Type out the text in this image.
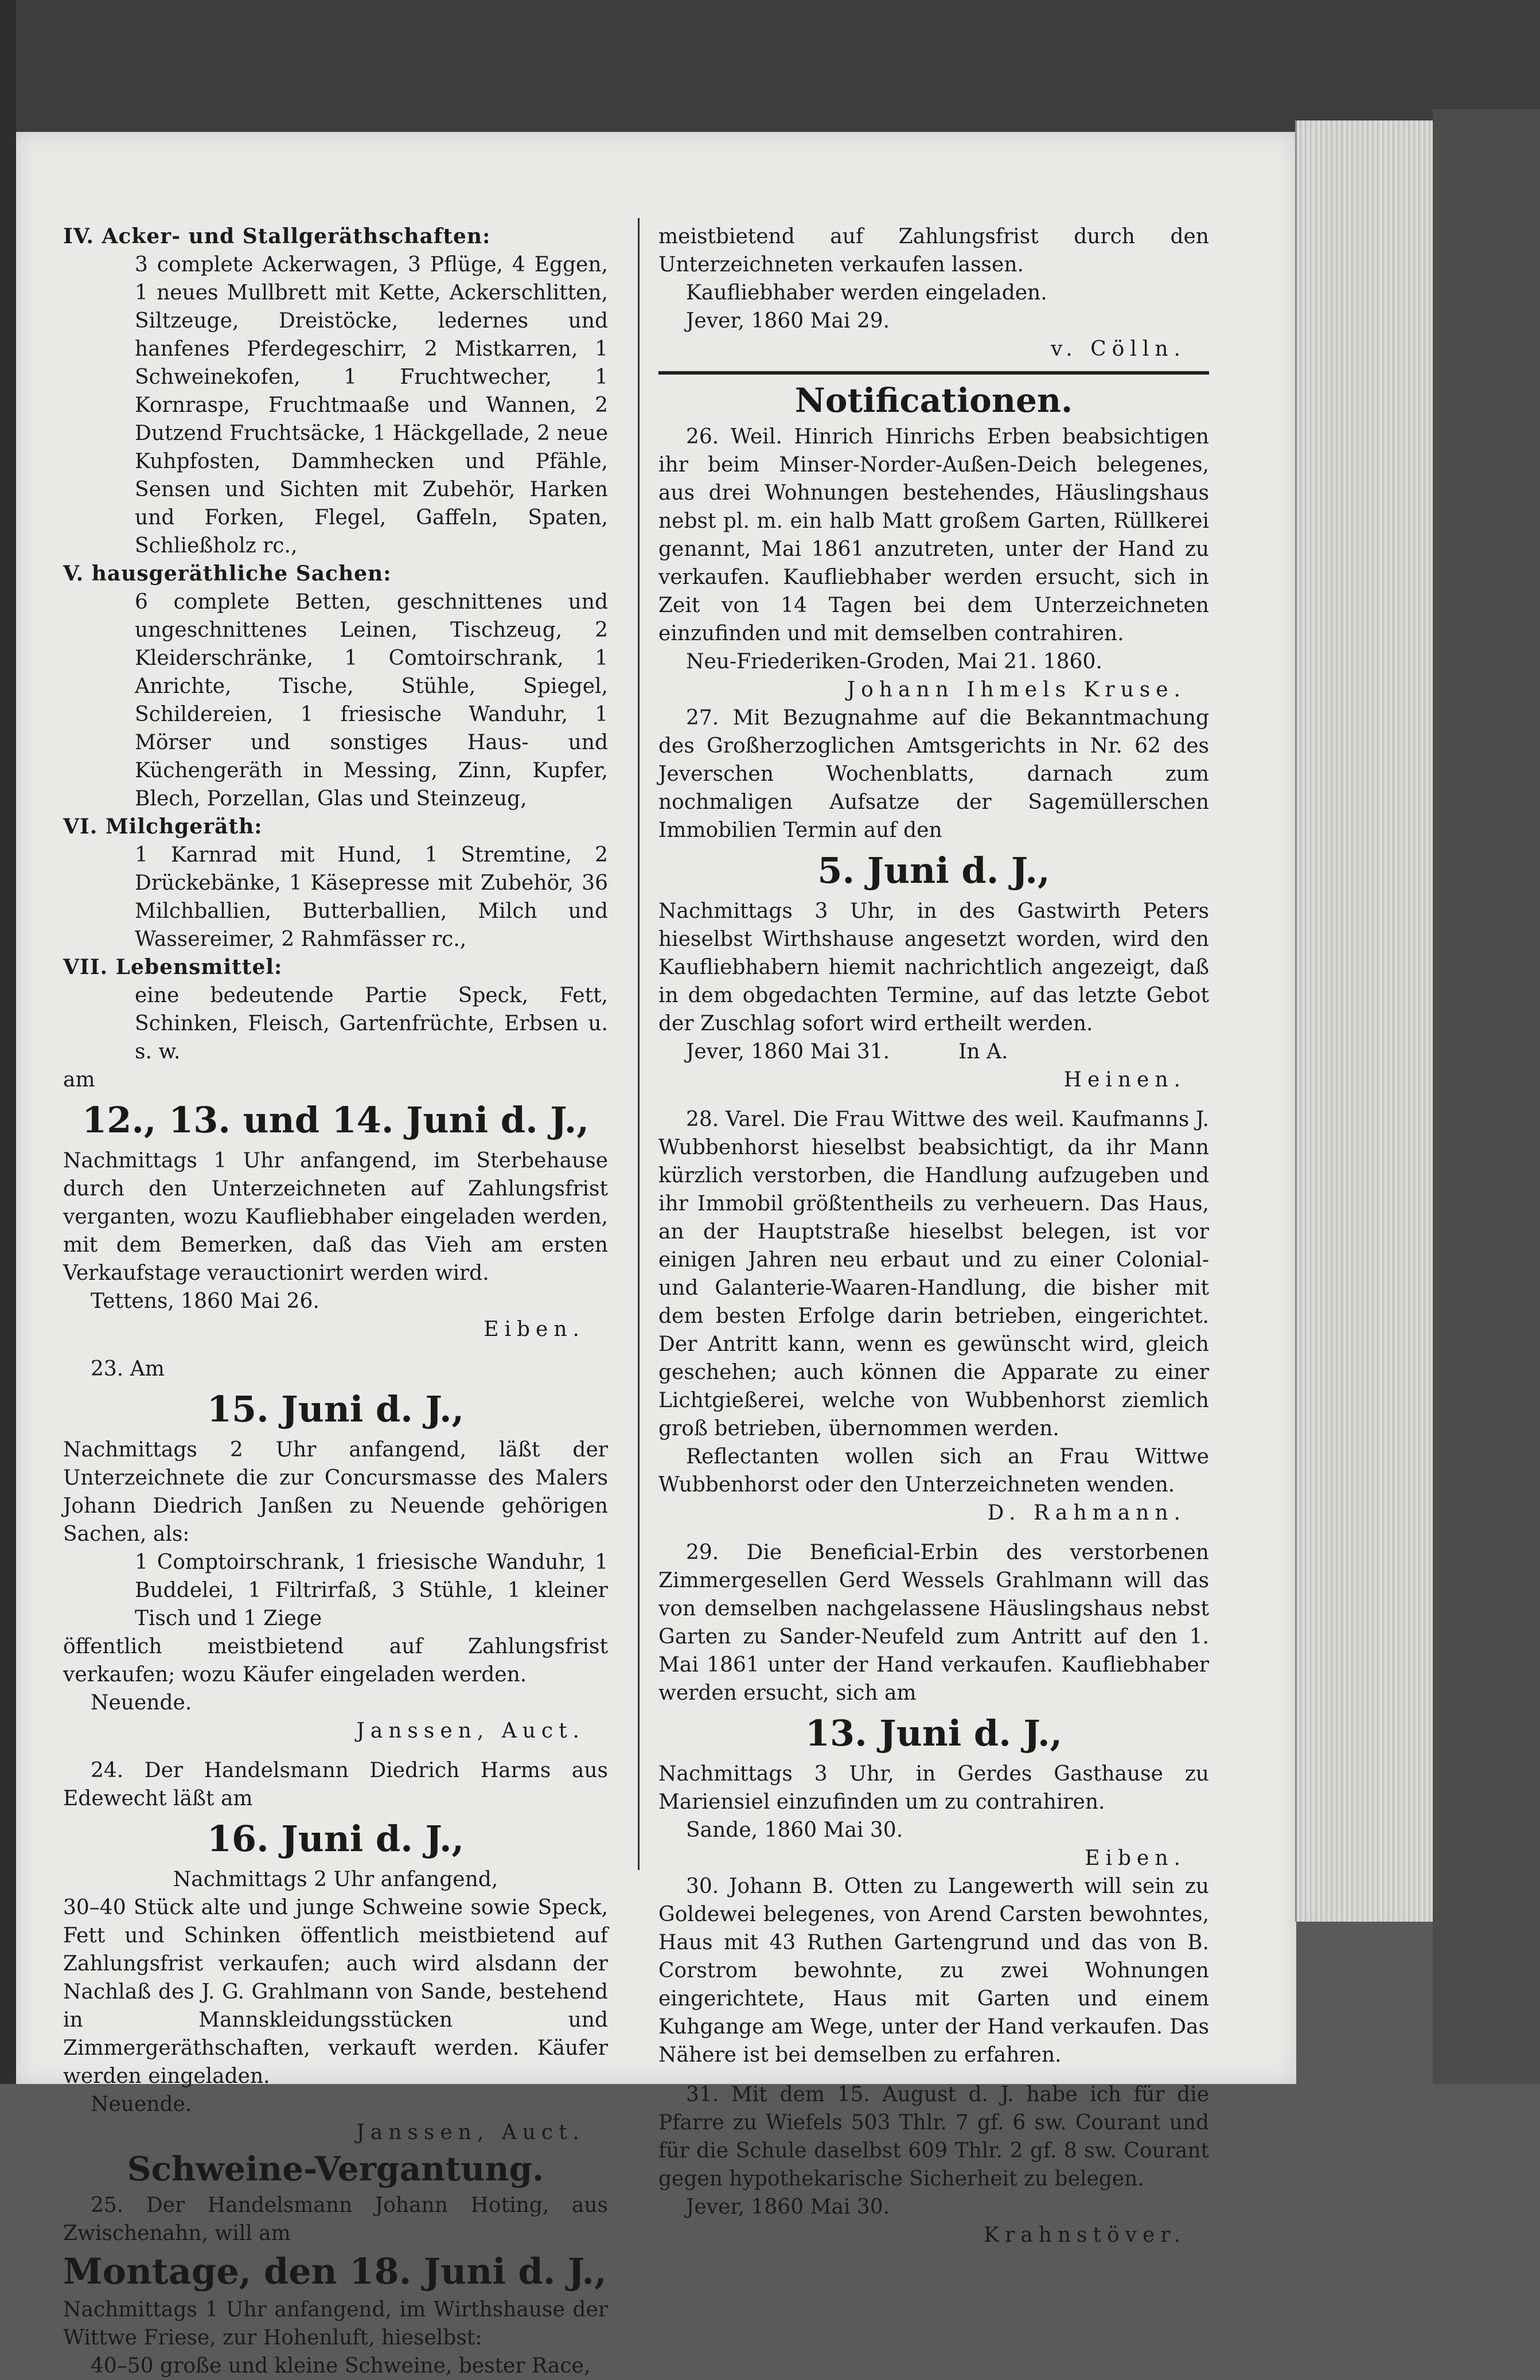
IV. Acker- und Stallgeräthschaften:

3 complete Ackerwagen, 3 Pflüge, 4 Eggen, 1 neues Mullbrett mit Kette, Ackerschlitten, Siltzeuge, Dreistöcke, ledernes und hanfenes Pferdegeschirr, 2 Mistkarren, 1 Schweinekofen, 1 Fruchtwecher, 1 Kornraspe, Fruchtmaaße und Wannen, 2 Dutzend Fruchtsäcke, 1 Häckgellade, 2 neue Kuhpfosten, Dammhecken und Pfähle, Sensen und Sichten mit Zubehör, Harken und Forken, Flegel, Gaffeln, Spaten, Schließholz rc.,

V. hausgeräthliche Sachen:

6 complete Betten, geschnittenes und ungeschnittenes Leinen, Tischzeug, 2 Kleiderschränke, 1 Comtoirschrank, 1 Anrichte, Tische, Stühle, Spiegel, Schildereien, 1 friesische Wanduhr, 1 Mörser und sonstiges Haus- und Küchengeräth in Messing, Zinn, Kupfer, Blech, Porzellan, Glas und Steinzeug,

VI. Milchgeräth:

1 Karnrad mit Hund, 1 Stremtine, 2 Drückebänke, 1 Käsepresse mit Zubehör, 36 Milchballien, Butterballien, Milch und Wassereimer, 2 Rahmfässer rc.,

VII. Lebensmittel:

eine bedeutende Partie Speck, Fett, Schinken, Fleisch, Gartenfrüchte, Erbsen u. s. w.

am

12., 13. und 14. Juni d. J.,

Nachmittags 1 Uhr anfangend, im Sterbehause durch den Unterzeichneten auf Zahlungsfrist verganten, wozu Kaufliebhaber eingeladen werden, mit dem Bemerken, daß das Vieh am ersten Verkaufstage verauctionirt werden wird.

Tettens, 1860 Mai 26.

Eiben.

23. Am

15. Juni d. J.,

Nachmittags 2 Uhr anfangend, läßt der Unterzeichnete die zur Concursmasse des Malers Johann Diedrich Janßen zu Neuende gehörigen Sachen, als:

1 Comptoirschrank, 1 friesische Wanduhr, 1 Buddelei, 1 Filtrirfaß, 3 Stühle, 1 kleiner Tisch und 1 Ziege

öffentlich meistbietend auf Zahlungsfrist verkaufen; wozu Käufer eingeladen werden.

Neuende.

Janssen, Auct.

24. Der Handelsmann Diedrich Harms aus Edewecht läßt am

16. Juni d. J.,

Nachmittags 2 Uhr anfangend,

30–40 Stück alte und junge Schweine sowie Speck, Fett und Schinken öffentlich meistbietend auf Zahlungsfrist verkaufen; auch wird alsdann der Nachlaß des J. G. Grahlmann von Sande, bestehend in Mannskleidungsstücken und Zimmergeräthschaften, verkauft werden. Käufer werden eingeladen.

Neuende.

Janssen, Auct.

Schweine-Vergantung.

25. Der Handelsmann Johann Hoting, aus Zwischenahn, will am

Montage, den 18. Juni d. J.,

Nachmittags 1 Uhr anfangend, im Wirthshause der Wittwe Friese, zur Hohenluft, hieselbst:

40–50 große und kleine Schweine, bester Race,

meistbietend auf Zahlungsfrist durch den Unterzeichneten verkaufen lassen.

Kaufliebhaber werden eingeladen.

Jever, 1860 Mai 29.

v. Cölln.

Notificationen.

26. Weil. Hinrich Hinrichs Erben beabsichtigen ihr beim Minser-Norder-Außen-Deich belegenes, aus drei Wohnungen bestehendes, Häuslingshaus nebst pl. m. ein halb Matt großem Garten, Rüllkerei genannt, Mai 1861 anzutreten, unter der Hand zu verkaufen. Kaufliebhaber werden ersucht, sich in Zeit von 14 Tagen bei dem Unterzeichneten einzufinden und mit demselben contrahiren.

Neu-Friederiken-Groden, Mai 21. 1860.

Johann Ihmels Kruse.

27. Mit Bezugnahme auf die Bekanntmachung des Großherzoglichen Amtsgerichts in Nr. 62 des Jeverschen Wochenblatts, darnach zum nochmaligen Aufsatze der Sagemüllerschen Immobilien Termin auf den

5. Juni d. J.,

Nachmittags 3 Uhr, in des Gastwirth Peters hieselbst Wirthshause angesetzt worden, wird den Kaufliebhabern hiemit nachrichtlich angezeigt, daß in dem obgedachten Termine, auf das letzte Gebot der Zuschlag sofort wird ertheilt werden.

Jever, 1860 Mai 31.	In A.

Heinen.

28. Varel. Die Frau Wittwe des weil. Kaufmanns J. Wubbenhorst hieselbst beabsichtigt, da ihr Mann kürzlich verstorben, die Handlung aufzugeben und ihr Immobil größtentheils zu verheuern. Das Haus, an der Hauptstraße hieselbst belegen, ist vor einigen Jahren neu erbaut und zu einer Colonial- und Galanterie-Waaren-Handlung, die bisher mit dem besten Erfolge darin betrieben, eingerichtet. Der Antritt kann, wenn es gewünscht wird, gleich geschehen; auch können die Apparate zu einer Lichtgießerei, welche von Wubbenhorst ziemlich groß betrieben, übernommen werden.

Reflectanten wollen sich an Frau Wittwe Wubbenhorst oder den Unterzeichneten wenden.

D. Rahmann.

29. Die Beneficial-Erbin des verstorbenen Zimmergesellen Gerd Wessels Grahlmann will das von demselben nachgelassene Häuslingshaus nebst Garten zu Sander-Neufeld zum Antritt auf den 1. Mai 1861 unter der Hand verkaufen. Kaufliebhaber werden ersucht, sich am

13. Juni d. J.,

Nachmittags 3 Uhr, in Gerdes Gasthause zu Mariensiel einzufinden um zu contrahiren.

Sande, 1860 Mai 30.

Eiben.

30. Johann B. Otten zu Langewerth will sein zu Goldewei belegenes, von Arend Carsten bewohntes, Haus mit 43 Ruthen Gartengrund und das von B. Corstrom bewohnte, zu zwei Wohnungen eingerichtete, Haus mit Garten und einem Kuhgange am Wege, unter der Hand verkaufen. Das Nähere ist bei demselben zu erfahren.

31. Mit dem 15. August d. J. habe ich für die Pfarre zu Wiefels 503 Thlr. 7 gf. 6 sw. Courant und für die Schule daselbst 609 Thlr. 2 gf. 8 sw. Courant gegen hypothekarische Sicherheit zu belegen.

Jever, 1860 Mai 30.

Krahnstöver.
